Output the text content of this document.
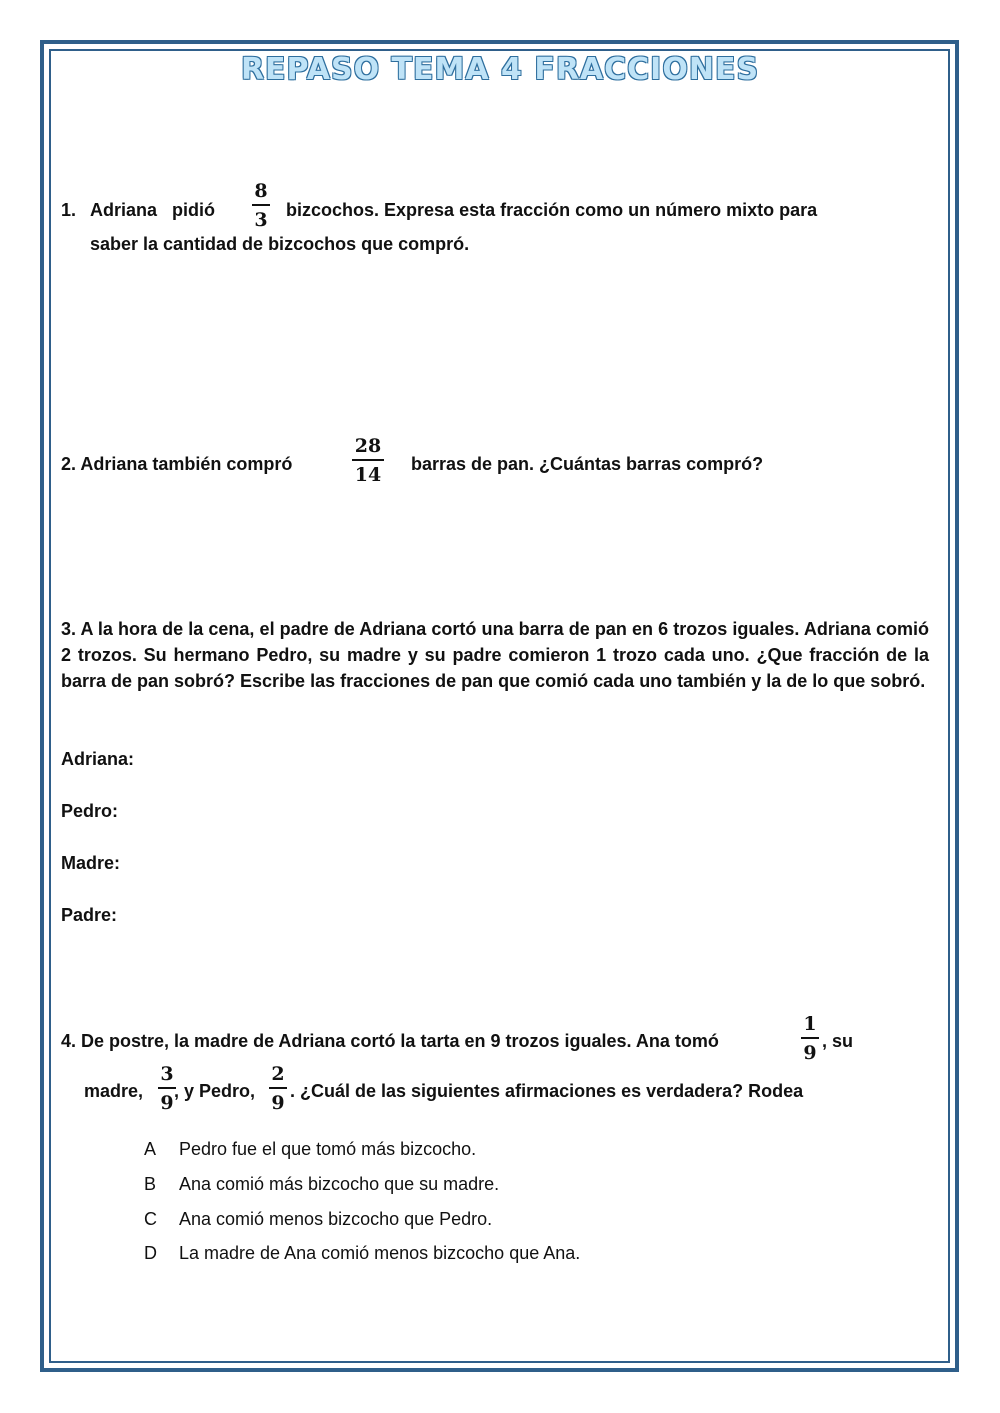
REPASO TEMA 4 FRACCIONES
1. Adriana   pidió
8
3 bizcochos. Expresa esta fracción como un número mixto para
saber la cantidad de bizcochos que compró.
2. Adriana también compró
28
14 barras de pan. ¿Cuántas barras compró?
3. A la hora de la cena, el padre de Adriana cortó una barra de pan en 6 trozos iguales. Adriana comió 2 trozos. Su hermano Pedro, su madre y su padre comieron 1 trozo cada uno. ¿Que fracción de la barra de pan sobró? Escribe las fracciones de pan que comió cada uno también y la de lo que sobró.
Adriana:
Pedro:
Madre:
Padre:
4. De postre, la madre de Adriana cortó la tarta en 9 trozos iguales. Ana tomó
1
9
, su
madre,
3
9
, y Pedro,
2
9
. ¿Cuál de las siguientes afirmaciones es verdadera? Rodea
A Pedro fue el que tomó más bizcocho.
B Ana comió más bizcocho que su madre.
C Ana comió menos bizcocho que Pedro.
D La madre de Ana comió menos bizcocho que Ana.
